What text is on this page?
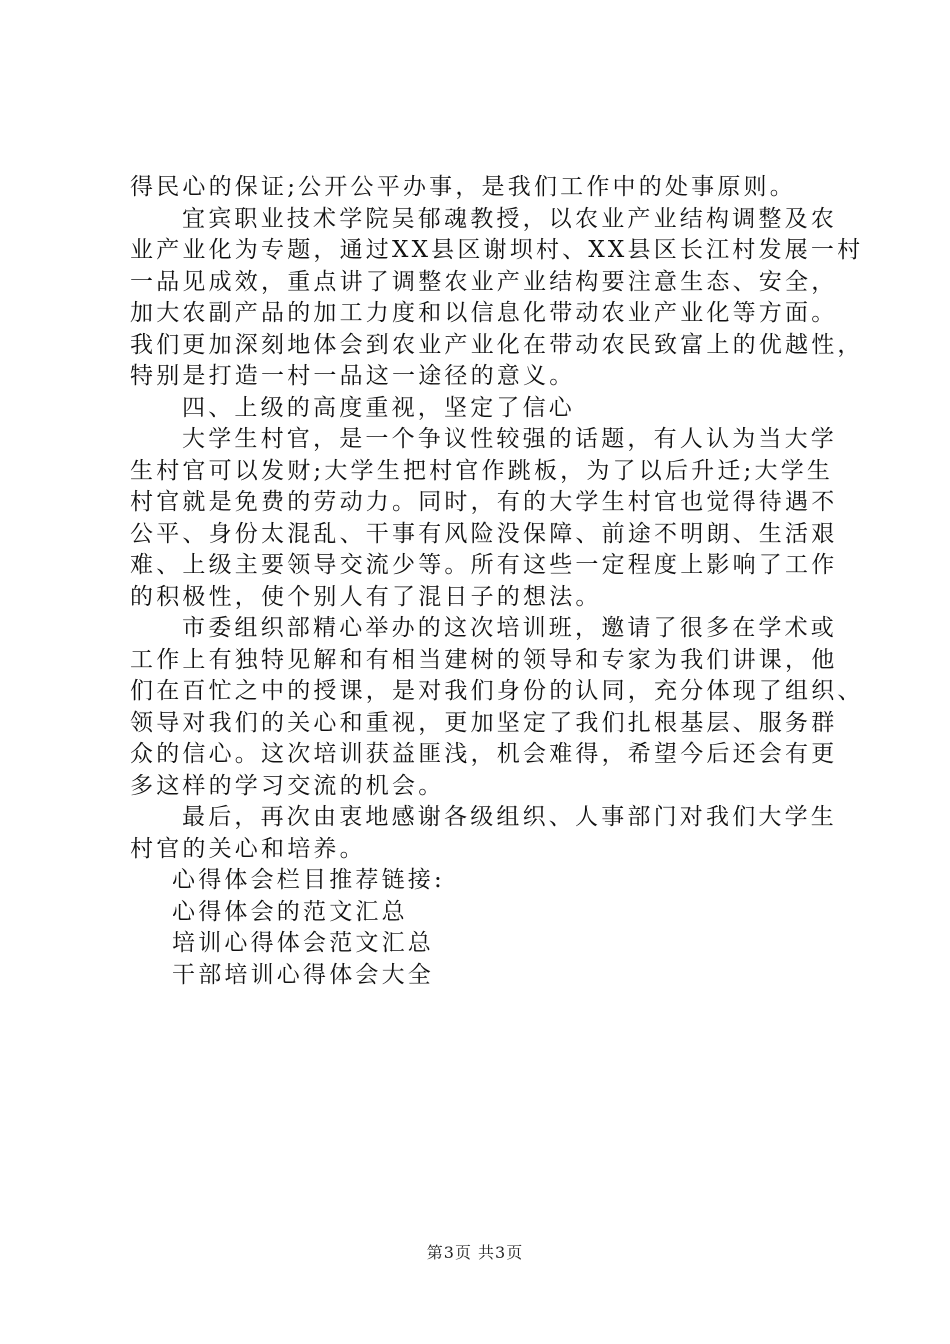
得民心的保证;公开公平办事，是我们工作中的处事原则。
宜宾职业技术学院吴郁魂教授，以农业产业结构调整及农
业产业化为专题，通过XX县区谢坝村、XX县区长江村发展一村
一品见成效，重点讲了调整农业产业结构要注意生态、安全，
加大农副产品的加工力度和以信息化带动农业产业化等方面。
我们更加深刻地体会到农业产业化在带动农民致富上的优越性，
特别是打造一村一品这一途径的意义。
四、上级的高度重视，坚定了信心
大学生村官，是一个争议性较强的话题，有人认为当大学
生村官可以发财;大学生把村官作跳板，为了以后升迁;大学生
村官就是免费的劳动力。同时，有的大学生村官也觉得待遇不
公平、身份太混乱、干事有风险没保障、前途不明朗、生活艰
难、上级主要领导交流少等。所有这些一定程度上影响了工作
的积极性，使个别人有了混日子的想法。
市委组织部精心举办的这次培训班，邀请了很多在学术或
工作上有独特见解和有相当建树的领导和专家为我们讲课，他
们在百忙之中的授课，是对我们身份的认同，充分体现了组织、
领导对我们的关心和重视，更加坚定了我们扎根基层、服务群
众的信心。这次培训获益匪浅，机会难得，希望今后还会有更
多这样的学习交流的机会。
最后，再次由衷地感谢各级组织、人事部门对我们大学生
村官的关心和培养。
心得体会栏目推荐链接:
心得体会的范文汇总
培训心得体会范文汇总
干部培训心得体会大全
第3页 共3页
